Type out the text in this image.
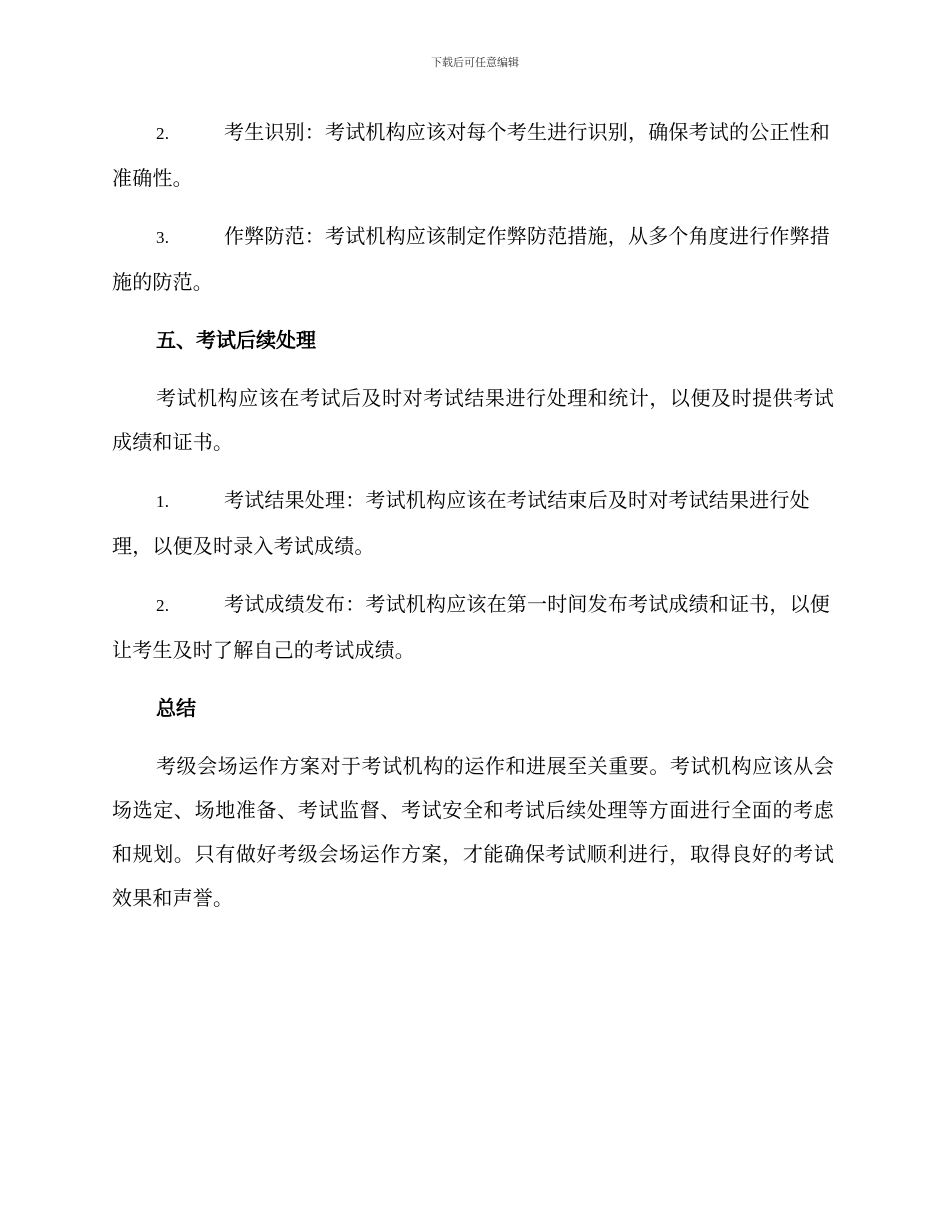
下载后可任意编辑

2.	考生识别：考试机构应该对每个考生进行识别，确保考试的公正性和准确性。

3.	作弊防范：考试机构应该制定作弊防范措施，从多个角度进行作弊措施的防范。

五、考试后续处理

考试机构应该在考试后及时对考试结果进行处理和统计，以便及时提供考试成绩和证书。

1.	考试结果处理：考试机构应该在考试结束后及时对考试结果进行处理，以便及时录入考试成绩。

2.	考试成绩发布：考试机构应该在第一时间发布考试成绩和证书，以便让考生及时了解自己的考试成绩。

总结

考级会场运作方案对于考试机构的运作和进展至关重要。考试机构应该从会场选定、场地准备、考试监督、考试安全和考试后续处理等方面进行全面的考虑和规划。只有做好考级会场运作方案，才能确保考试顺利进行，取得良好的考试效果和声誉。
